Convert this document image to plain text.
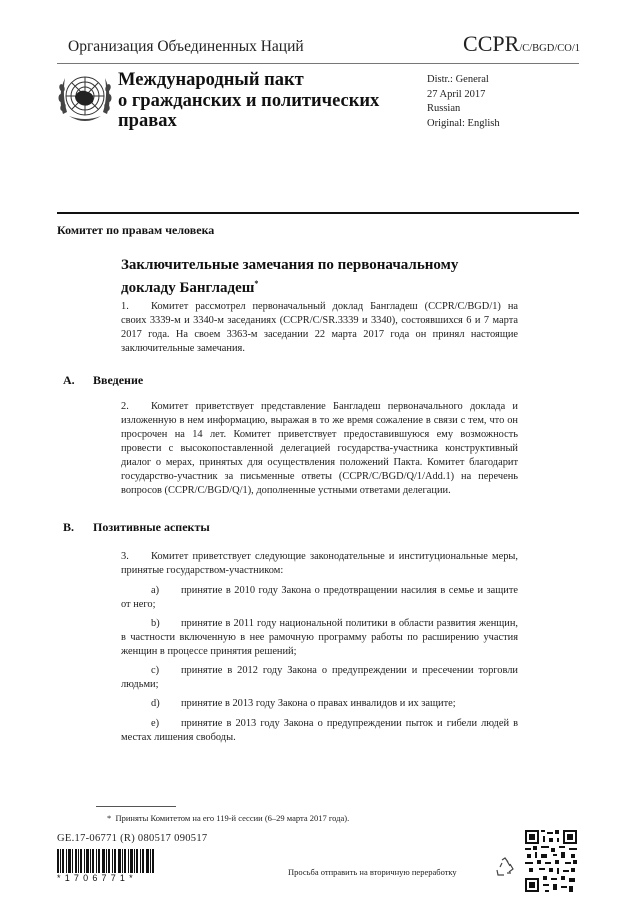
Организация Объединенных Наций	CCPR/C/BGD/CO/1
Международный пакт
о гражданских и политических
правах
Distr.: General
27 April 2017
Russian
Original: English
Комитет по правам человека
Заключительные замечания по первоначальному
докладу Бангладеш*
1. Комитет рассмотрел первоначальный доклад Бангладеш (CCPR/C/BGD/1) на своих 3339-м и 3340-м заседаниях (CCPR/C/SR.3339 и 3340), состоявшихся 6 и 7 марта 2017 года. На своем 3363-м заседании 22 марта 2017 года он принял настоящие заключительные замечания.
A. Введение
2. Комитет приветствует представление Бангладеш первоначального доклада и изложенную в нем информацию, выражая в то же время сожаление в связи с тем, что он просрочен на 14 лет. Комитет приветствует предоставившуюся ему возможность провести с высокопоставленной делегацией государства-участника конструктивный диалог о мерах, принятых для осуществления положений Пакта. Комитет благодарит государство-участник за письменные ответы (CCPR/C/BGD/Q/1/Add.1) на перечень вопросов (CCPR/C/BGD/Q/1), дополненные устными ответами делегации.
B. Позитивные аспекты
3. Комитет приветствует следующие законодательные и институциональные меры, принятые государством-участником:
a) принятие в 2010 году Закона о предотвращении насилия в семье и защите от него;
b) принятие в 2011 году национальной политики в области развития женщин, в частности включенную в нее рамочную программу работы по расширению участия женщин в процессе принятия решений;
c) принятие в 2012 году Закона о предупреждении и пресечении торговли людьми;
d) принятие в 2013 году Закона о правах инвалидов и их защите;
e) принятие в 2013 году Закона о предупреждении пыток и гибели людей в местах лишения свободы.
* Приняты Комитетом на его 119-й сессии (6–29 марта 2017 года).
GE.17-06771 (R) 080517 090517
*1706771*
Просьба отправить на вторичную переработку
